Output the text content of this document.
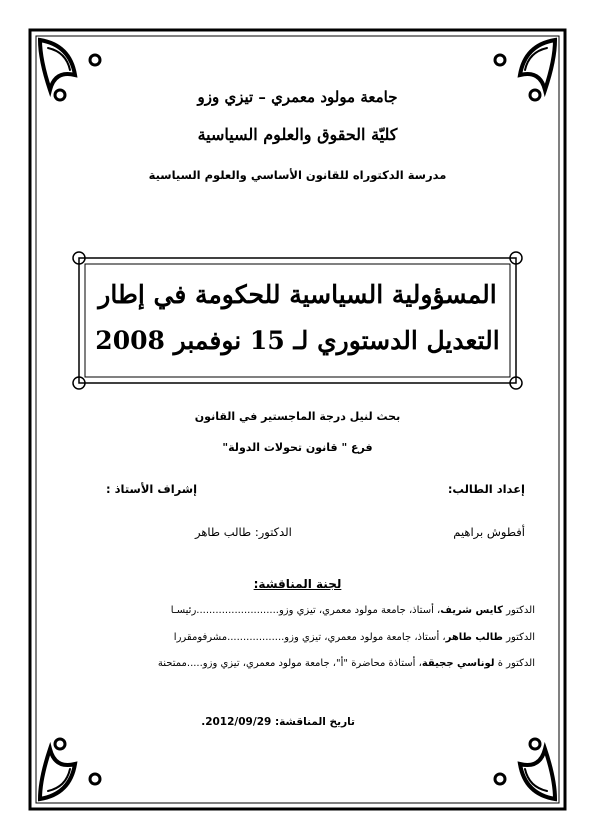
جامعة مولود معمري – تيزي وزو
كليّة الحقوق والعلوم السياسية
مدرسة الدكتوراه للقانون الأساسي والعلوم السياسية
المسؤولية السياسية للحكومة في إطار
التعديل الدستوري لـ 15 نوفمبر 2008
بحث لنيل درجة الماجستير في القانون
فرع " قانون تحولات الدولة"
إعداد الطالب:
إشراف الأستاذ :
أفطوش براهيم
الدكتور: طالب طاهر
لجنة المناقشة:
الدكتور كايس شريف، أستاذ، جامعة مولود معمري، تيزي وزو..........................رئيسـا
الدكتور طالب طاهر، أستاذ، جامعة مولود معمري، تيزي وزو..................مشرفومقررا
الدكتور ة لوناسي ججيقة، أستاذة محاضرة "أ"، جامعة مولود معمري، تيزي وزو.....ممتحنة
تاريخ المناقشة: 2012/09/29.
